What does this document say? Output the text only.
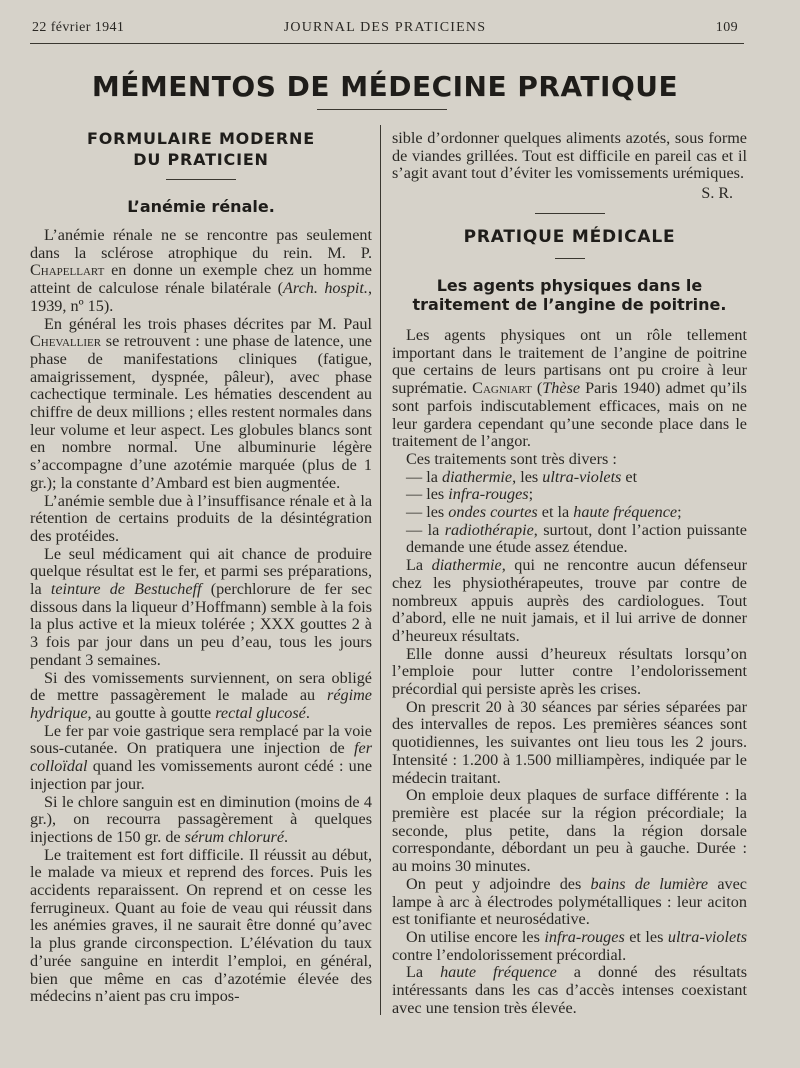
22 février 1941	JOURNAL DES PRATICIENS	109
MÉMENTOS DE MÉDECINE PRATIQUE

FORMULAIRE MODERNE

DU PRATICIEN

L’anémie rénale.

L’anémie rénale ne se rencontre pas seulement dans la sclérose atrophique du rein. M. P. Chapellart en donne un exemple chez un homme atteint de calculose rénale bilatérale (Arch. hospit., 1939, nº 15).

En général les trois phases décrites par M. Paul Chevallier se retrouvent : une phase de latence, une phase de manifestations cliniques (fatigue, amaigrissement, dyspnée, pâleur), avec phase cachectique terminale. Les hématies descendent au chiffre de deux millions ; elles restent normales dans leur volume et leur aspect. Les globules blancs sont en nombre normal. Une albuminurie légère s’accompagne d’une azotémie marquée (plus de 1 gr.); la constante d’Ambard est bien augmentée.

L’anémie semble due à l’insuffisance rénale et à la rétention de certains produits de la désintégration des protéides.

Le seul médicament qui ait chance de produire quelque résultat est le fer, et parmi ses préparations, la teinture de Bestucheff (perchlorure de fer sec dissous dans la liqueur d’Hoffmann) semble à la fois la plus active et la mieux tolérée ; XXX gouttes 2 à 3 fois par jour dans un peu d’eau, tous les jours pendant 3 semaines.

Si des vomissements surviennent, on sera obligé de mettre passagèrement le malade au régime hydrique, au goutte à goutte rectal glucosé.

Le fer par voie gastrique sera remplacé par la voie sous-cutanée. On pratiquera une injection de fer colloïdal quand les vomissements auront cédé : une injection par jour.

Si le chlore sanguin est en diminution (moins de 4 gr.), on recourra passagèrement à quelques injections de 150 gr. de sérum chloruré.

Le traitement est fort difficile. Il réussit au début, le malade va mieux et reprend des forces. Puis les accidents reparaissent. On reprend et on cesse les ferrugineux. Quant au foie de veau qui réussit dans les anémies graves, il ne saurait être donné qu’avec la plus grande circonspection. L’élévation du taux d’urée sanguine en interdit l’emploi, en général, bien que même en cas d’azotémie élevée des médecins n’aient pas cru impos-

sible d’ordonner quelques aliments azotés, sous forme de viandes grillées. Tout est difficile en pareil cas et il s’agit avant tout d’éviter les vomissements urémiques.

S. R.

PRATIQUE MÉDICALE

Les agents physiques dans le traitement de l’angine de poitrine.

Les agents physiques ont un rôle tellement important dans le traitement de l’angine de poitrine que certains de leurs partisans ont pu croire à leur suprématie. Cagniart (Thèse Paris 1940) admet qu’ils sont parfois indiscutablement efficaces, mais on ne leur gardera cependant qu’une seconde place dans le traitement de l’angor.

Ces traitements sont très divers :

— la diathermie, les ultra-violets et

— les infra-rouges;

— les ondes courtes et la haute fréquence;

— la radiothérapie, surtout, dont l’action puissante demande une étude assez étendue.

La diathermie, qui ne rencontre aucun défenseur chez les physiothérapeutes, trouve par contre de nombreux appuis auprès des cardiologues. Tout d’abord, elle ne nuit jamais, et il lui arrive de donner d’heureux résultats.

Elle donne aussi d’heureux résultats lorsqu’on l’emploie pour lutter contre l’endolorissement précordial qui persiste après les crises.

On prescrit 20 à 30 séances par séries séparées par des intervalles de repos. Les premières séances sont quotidiennes, les suivantes ont lieu tous les 2 jours. Intensité : 1.200 à 1.500 milliampères, indiquée par le médecin traitant.

On emploie deux plaques de surface différente : la première est placée sur la région précordiale; la seconde, plus petite, dans la région dorsale correspondante, débordant un peu à gauche. Durée : au moins 30 minutes.

On peut y adjoindre des bains de lumière avec lampe à arc à électrodes polymétalliques : leur aciton est tonifiante et neurosédative.

On utilise encore les infra-rouges et les ultra-violets contre l’endolorissement précordial.

La haute fréquence a donné des résultats intéressants dans les cas d’accès intenses coexistant avec une tension très élevée.
